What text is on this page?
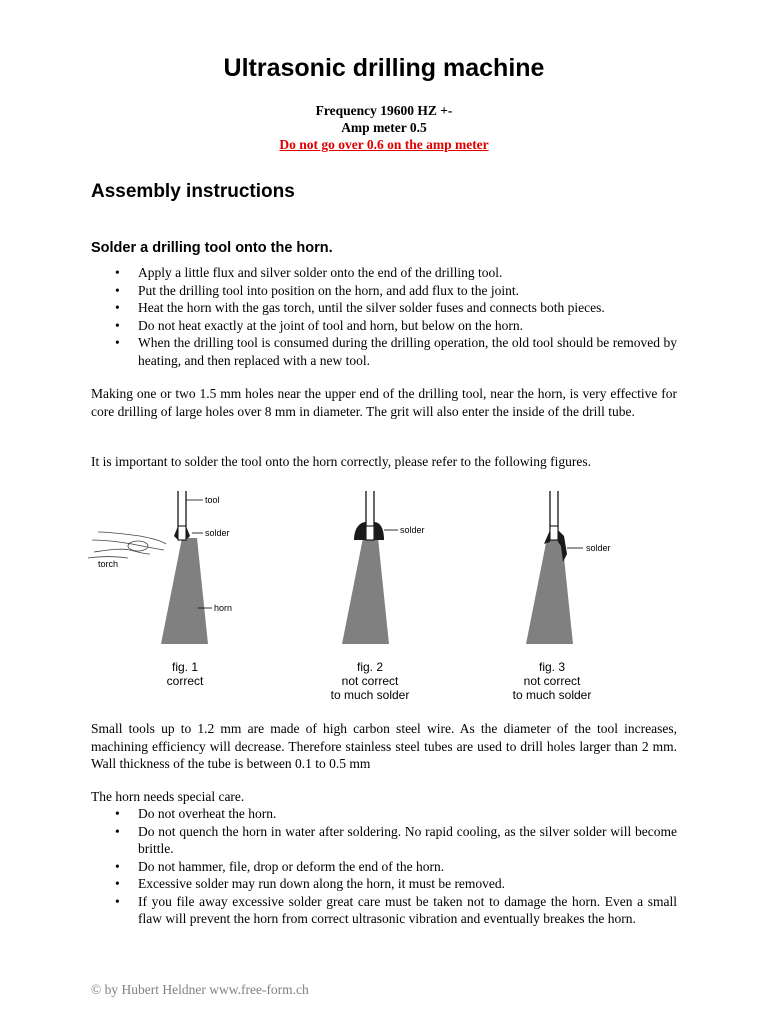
Ultrasonic drilling machine

Frequency 19600 HZ +-

Amp meter 0.5

Do not go over 0.6 on the amp meter

Assembly instructions
Solder a drilling tool onto the horn.
• Apply a little flux and silver solder onto the end of the drilling tool.
• Put the drilling tool into position on the horn, and add flux to the joint.
• Heat the horn with the gas torch, until the silver solder fuses and connects both pieces.
• Do not heat exactly at the joint of tool and horn, but below on the horn.
• When the drilling tool is consumed during the drilling operation, the old tool should be removed by heating, and then replaced with a new tool.

Making one or two 1.5 mm holes near the upper end of the drilling tool, near the horn, is very effective for core drilling of large holes over 8 mm in diameter. The grit will also enter the inside of the drill tube.

It is important to solder the tool onto the horn correctly, please refer to the following figures.

tool
solder
torch
horn
solder
solder
fig. 1
correct
fig. 2
not correct
to much solder
fig. 3
not correct
to much solder

Small tools up to 1.2 mm are made of high carbon steel wire. As the diameter of the tool increases, machining efficiency will decrease. Therefore stainless steel tubes are used to drill holes larger than 2 mm. Wall thickness of the tube is between 0.1 to 0.5 mm

The horn needs special care.

• Do not overheat the horn.
• Do not quench the horn in water after soldering. No rapid cooling, as the silver solder will become brittle.
• Do not hammer, file, drop or deform the end of the horn.
• Excessive solder may run down along the horn, it must be removed.
• If you file away excessive solder great care must be taken not to damage the horn. Even a small flaw will prevent the horn from correct ultrasonic vibration and eventually breakes the horn.

© by Hubert Heldner www.free-form.ch
